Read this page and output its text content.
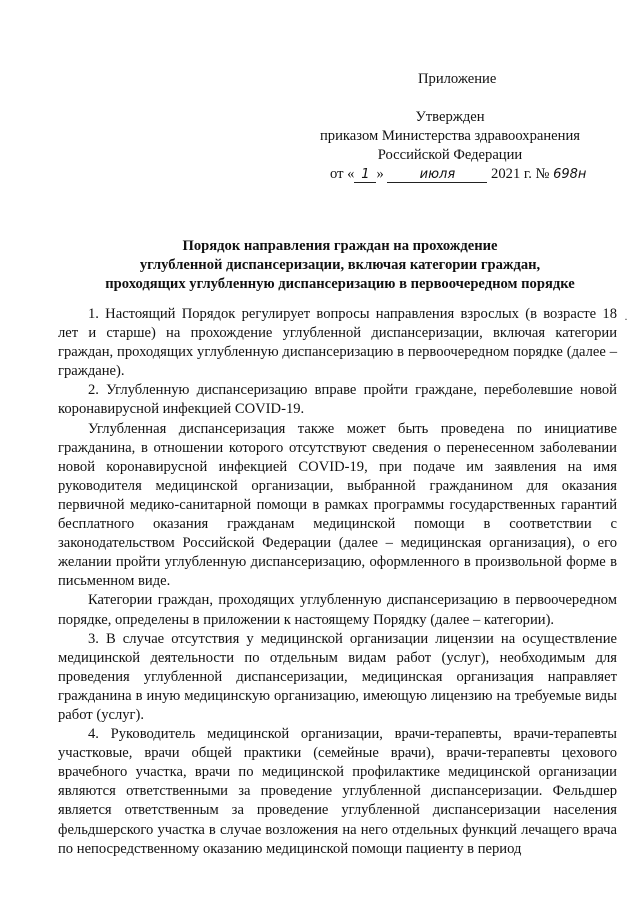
Приложение
Утвержден
приказом Министерства здравоохранения
Российской Федерации
от « 1 »	июля 2021 г. № 698н
Порядок направления граждан на прохождение
углубленной диспансеризации, включая категории граждан,
проходящих углубленную диспансеризацию в первоочередном порядке
·

1. Настоящий Порядок регулирует вопросы направления взрослых (в возрасте 18 лет и старше) на прохождение углубленной диспансеризации, включая категории граждан, проходящих углубленную диспансеризацию в первоочередном порядке (далее – граждане).

2. Углубленную диспансеризацию вправе пройти граждане, переболевшие новой коронавирусной инфекцией COVID-19.

Углубленная диспансеризация также может быть проведена по инициативе гражданина, в отношении которого отсутствуют сведения о перенесенном заболевании новой коронавирусной инфекцией COVID-19, при подаче им заявления на имя руководителя медицинской организации, выбранной гражданином для оказания первичной медико-санитарной помощи в рамках программы государственных гарантий бесплатного оказания гражданам медицинской помощи в соответствии с законодательством Российской Федерации (далее – медицинская организация), о его желании пройти углубленную диспансеризацию, оформленного в произвольной форме в письменном виде.

Категории граждан, проходящих углубленную диспансеризацию в первоочередном порядке, определены в приложении к настоящему Порядку (далее – категории).

3. В случае отсутствия у медицинской организации лицензии на осуществление медицинской деятельности по отдельным видам работ (услуг), необходимым для проведения углубленной диспансеризации, медицинская организация направляет гражданина в иную медицинскую организацию, имеющую лицензию на требуемые виды работ (услуг).

4. Руководитель медицинской организации, врачи-терапевты, врачи-терапевты участковые, врачи общей практики (семейные врачи), врачи-терапевты цехового врачебного участка, врачи по медицинской профилактике медицинской организации являются ответственными за проведение углубленной диспансеризации. Фельдшер является ответственным за проведение углубленной диспансеризации населения фельдшерского участка в случае возложения на него отдельных функций лечащего врача по непосредственному оказанию медицинской помощи пациенту в период
